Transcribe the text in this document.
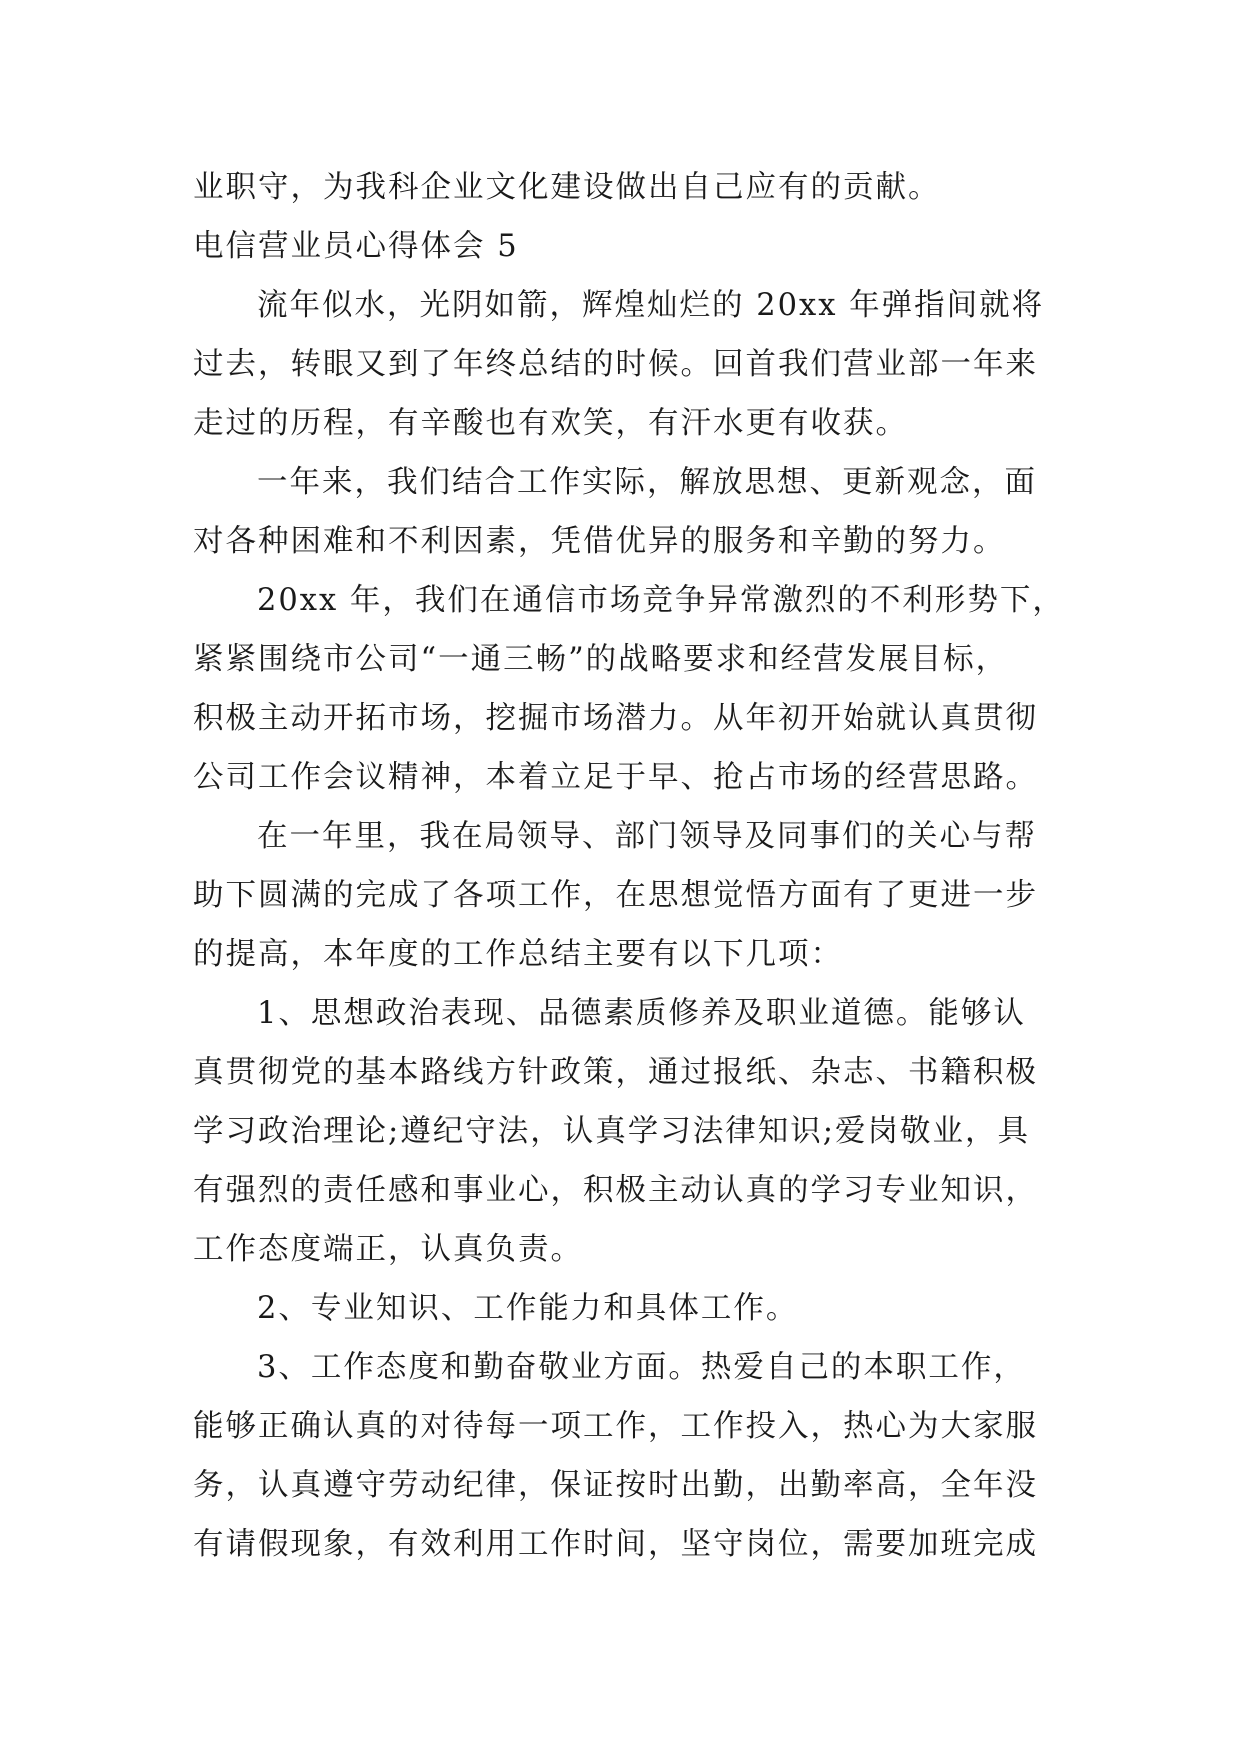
业职守，为我科企业文化建设做出自己应有的贡献。
电信营业员心得体会 5
流年似水，光阴如箭，辉煌灿烂的 20xx 年弹指间就将
过去，转眼又到了年终总结的时候。回首我们营业部一年来
走过的历程，有辛酸也有欢笑，有汗水更有收获。
一年来，我们结合工作实际，解放思想、更新观念，面
对各种困难和不利因素，凭借优异的服务和辛勤的努力。
20xx 年，我们在通信市场竞争异常激烈的不利形势下，
紧紧围绕市公司“一通三畅”的战略要求和经营发展目标，
积极主动开拓市场，挖掘市场潜力。从年初开始就认真贯彻
公司工作会议精神，本着立足于早、抢占市场的经营思路。
在一年里，我在局领导、部门领导及同事们的关心与帮
助下圆满的完成了各项工作，在思想觉悟方面有了更进一步
的提高，本年度的工作总结主要有以下几项：
1、思想政治表现、品德素质修养及职业道德。能够认
真贯彻党的基本路线方针政策，通过报纸、杂志、书籍积极
学习政治理论;遵纪守法，认真学习法律知识;爱岗敬业，具
有强烈的责任感和事业心，积极主动认真的学习专业知识，
工作态度端正，认真负责。
2、专业知识、工作能力和具体工作。
3、工作态度和勤奋敬业方面。热爱自己的本职工作，
能够正确认真的对待每一项工作，工作投入，热心为大家服
务，认真遵守劳动纪律，保证按时出勤，出勤率高，全年没
有请假现象，有效利用工作时间，坚守岗位，需要加班完成
